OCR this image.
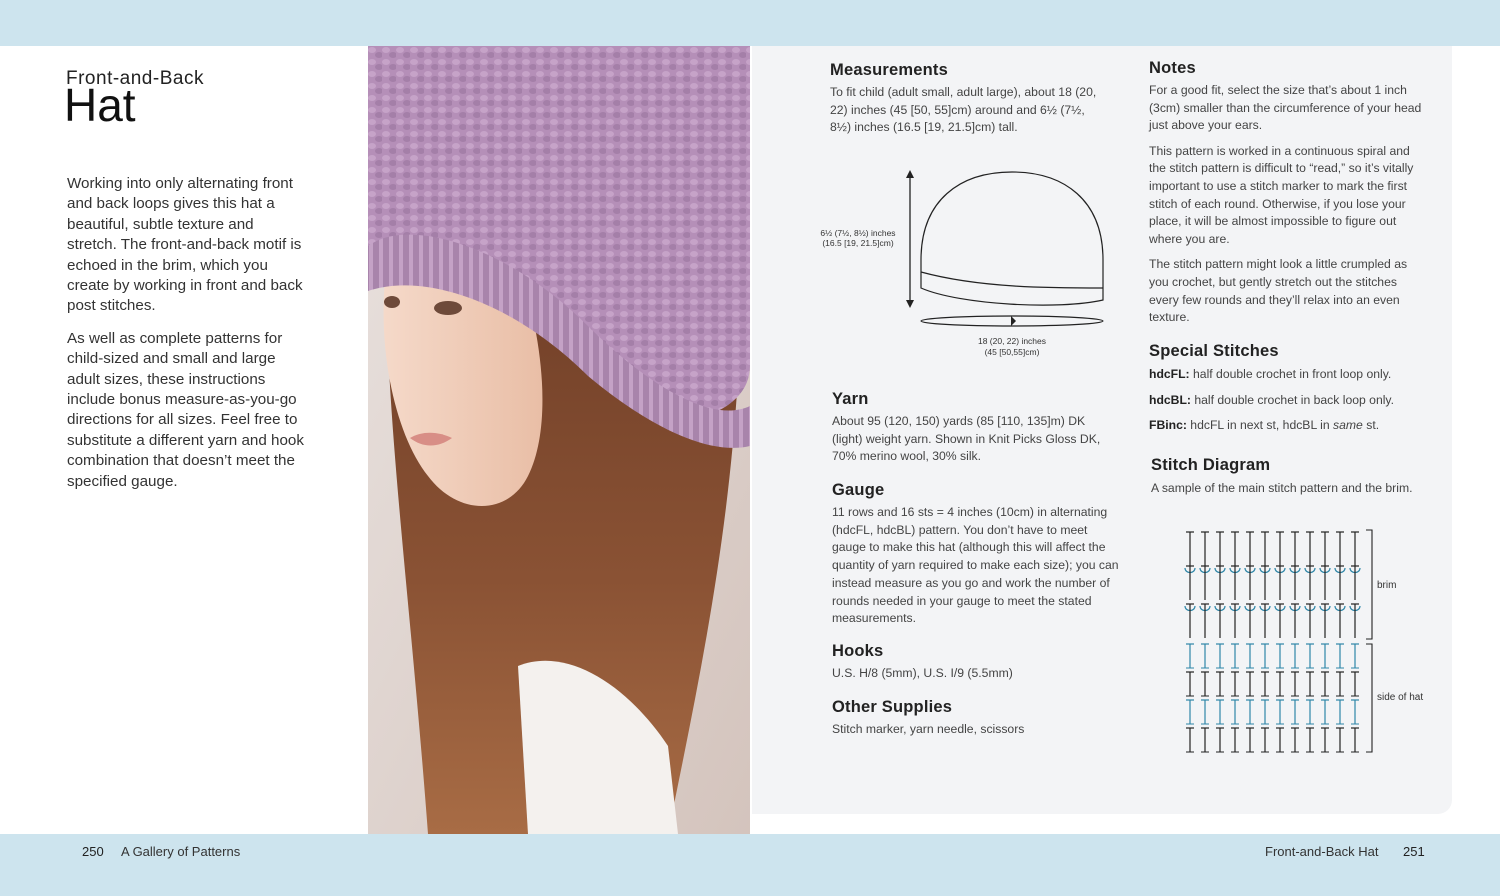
Front-and-Back
Hat

Working into only alternating front and back loops gives this hat a beautiful, subtle texture and stretch. The front-and-back motif is echoed in the brim, which you create by working in front and back post stitches.

As well as complete patterns for child-sized and small and large adult sizes, these instructions include bonus measure-as-you-go directions for all sizes. Feel free to substitute a different yarn and hook combination that doesn’t meet the specified gauge.

Measurements
To fit child (adult small, adult large), about 18 (20, 22) inches (45 [50, 55]cm) around and 6½ (7½, 8½) inches (16.5 [19, 21.5]cm) tall.
6½ (7½, 8½) inches
(16.5 [19, 21.5]cm)
18 (20, 22) inches
(45 [50,55]cm)
Yarn
About 95 (120, 150) yards (85 [110, 135]m) DK (light) weight yarn. Shown in Knit Picks Gloss DK, 70% merino wool, 30% silk.
Gauge
11 rows and 16 sts = 4 inches (10cm) in alternating (hdcFL, hdcBL) pattern. You don’t have to meet gauge to make this hat (although this will affect the quantity of yarn required to make each size); you can instead measure as you go and work the number of rounds needed in your gauge to meet the stated measurements.
Hooks
U.S. H/8 (5mm), U.S. I/9 (5.5mm)
Other Supplies
Stitch marker, yarn needle, scissors
Notes

For a good fit, select the size that’s about 1 inch (3cm) smaller than the circumference of your head just above your ears.

This pattern is worked in a continuous spiral and the stitch pattern is difficult to “read,” so it’s vitally important to use a stitch marker to mark the first stitch of each round. Otherwise, if you lose your place, it will be almost impossible to figure out where you are.

The stitch pattern might look a little crumpled as you crochet, but gently stretch out the stitches every few rounds and they’ll relax into an even texture.

Special Stitches

hdcFL: half double crochet in front loop only.

hdcBL: half double crochet in back loop only.

FBinc: hdcFL in next st, hdcBL in same st.

Stitch Diagram
A sample of the main stitch pattern and the brim.
brim
side of hat
250 A Gallery of Patterns	Front-and-Back Hat 251
